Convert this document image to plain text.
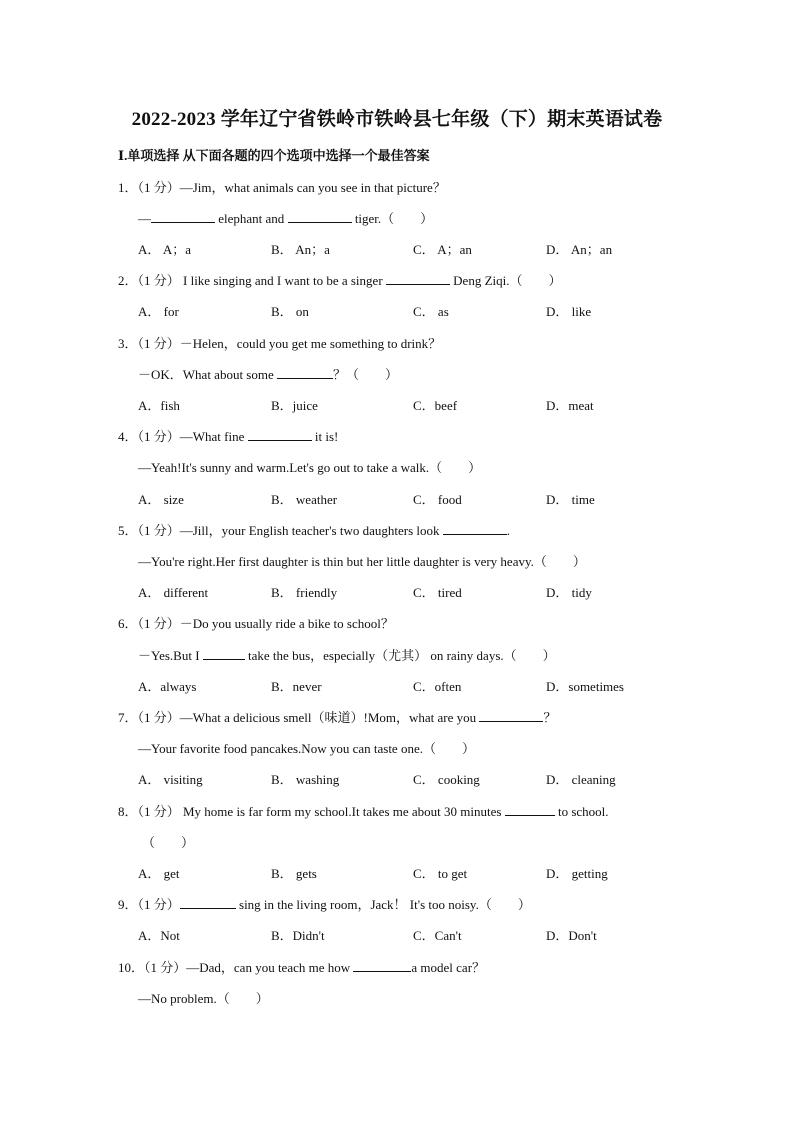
2022-2023 学年辽宁省铁岭市铁岭县七年级（下）期末英语试卷
Ⅰ.单项选择 从下面各题的四个选项中选择一个最佳答案
1．（1 分）—Jim，what animals can you see in that picture？
—	elephant and	tiger.（　　）
A． A；a	B． An；a	C． A；an	D． An；an
2．（1 分） I like singing and I want to be a singer	Deng Ziqi.（　　）
A． for	B． on	C． as	D． like
3．（1 分）－Helen，could you get me something to drink？
－OK．What about some	？（　　）
A．fish	B．juice	C．beef	D．meat
4．（1 分）—What fine	it is!
—Yeah!It's sunny and warm.Let's go out to take a walk.（　　）
A． size	B． weather	C． food	D． time
5．（1 分）—Jill，your English teacher's two daughters look	.
—You're right.Her first daughter is thin but her little daughter is very heavy.（　　）
A． different	B． friendly	C． tired	D． tidy
6．（1 分）－Do you usually ride a bike to school？
－Yes.But I	take the bus，especially（尤其） on rainy days.（　　）
A．always	B．never	C．often	D．sometimes
7．（1 分）—What a delicious smell（味道）!Mom，what are you	？
—Your favorite food pancakes.Now you can taste one.（　　）
A． visiting	B． washing	C． cooking	D． cleaning
8．（1 分） My home is far form my school.It takes me about 30 minutes	to school.
（　　）
A． get	B． gets	C． to get	D． getting
9．（1 分）	sing in the living room，Jack！ It's too noisy.（　　）
A．Not	B．Didn't	C．Can't	D．Don't
10．（1 分）—Dad，can you teach me how	a model car？
—No problem.（　　）
